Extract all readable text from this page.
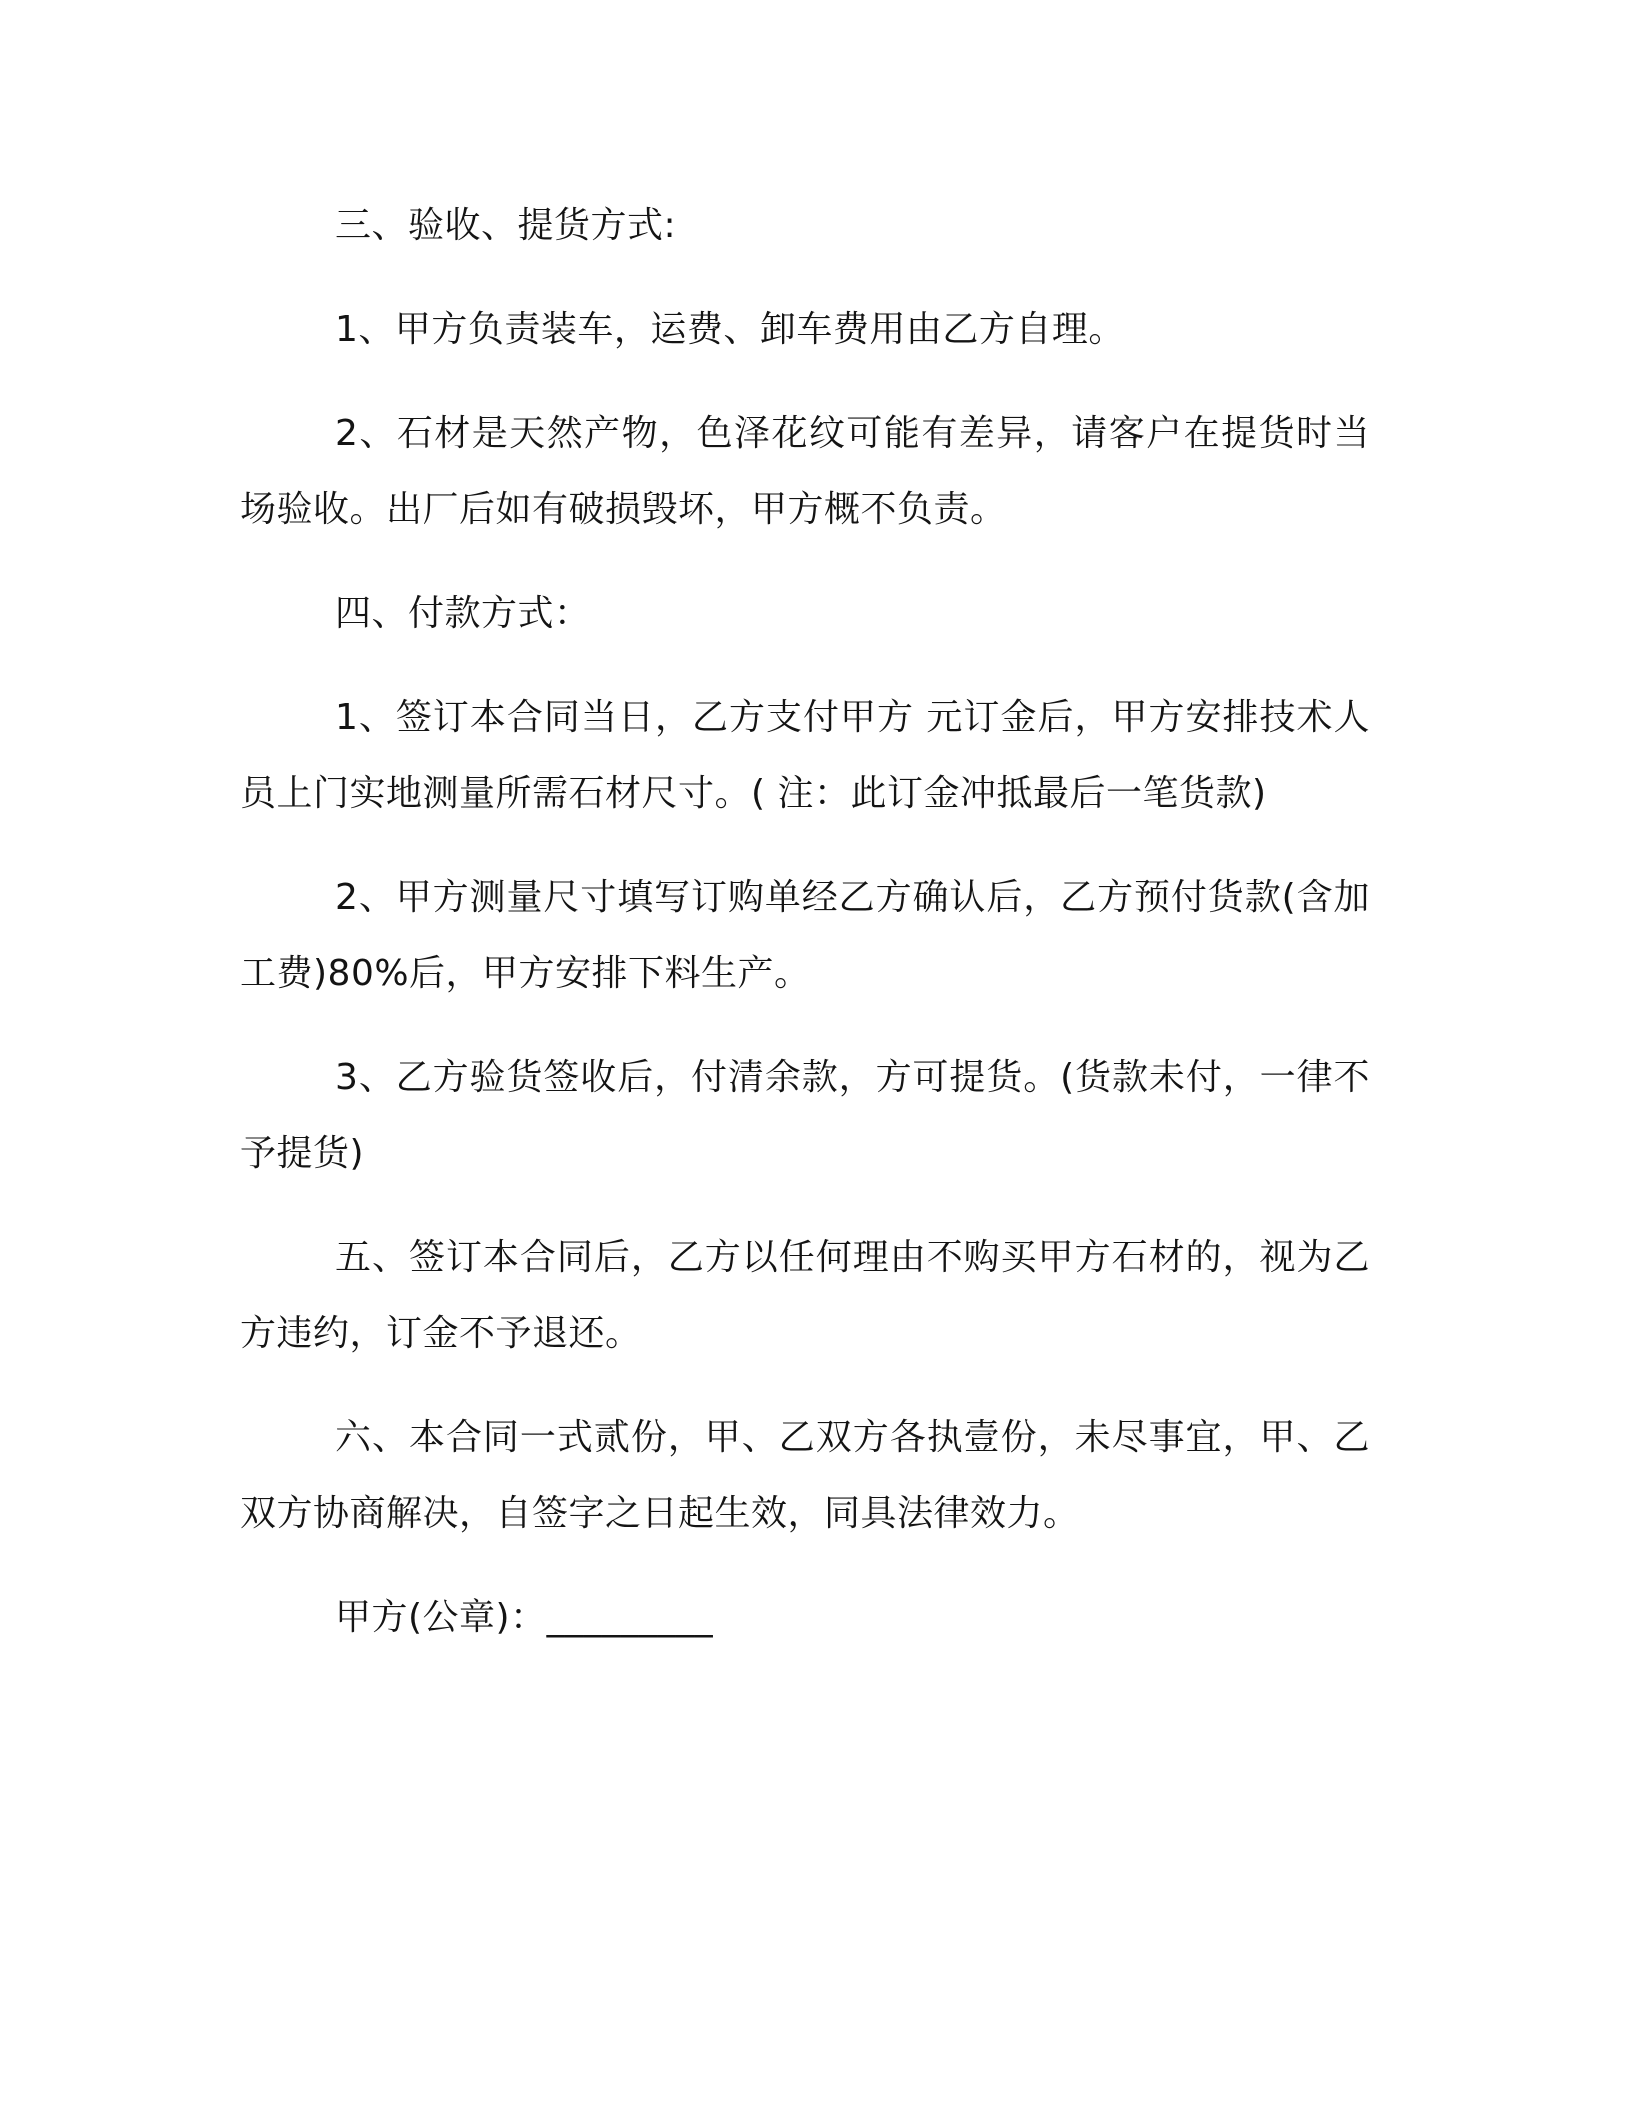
三、验收、提货方式:

1、甲方负责装车，运费、卸车费用由乙方自理。

2、石材是天然产物，色泽花纹可能有差异，请客户在提货时当场验收。出厂后如有破损毁坏，甲方概不负责。

四、付款方式：

1、签订本合同当日，乙方支付甲方 元订金后，甲方安排技术人员上门实地测量所需石材尺寸。( 注：此订金冲抵最后一笔货款)

2、甲方测量尺寸填写订购单经乙方确认后，乙方预付货款(含加工费)80%后，甲方安排下料生产。

3、乙方验货签收后，付清余款，方可提货。(货款未付，一律不予提货)

五、签订本合同后，乙方以任何理由不购买甲方石材的，视为乙方违约，订金不予退还。

六、本合同一式贰份，甲、乙双方各执壹份，未尽事宜，甲、乙双方协商解决，自签字之日起生效，同具法律效力。

甲方(公章)：_________
